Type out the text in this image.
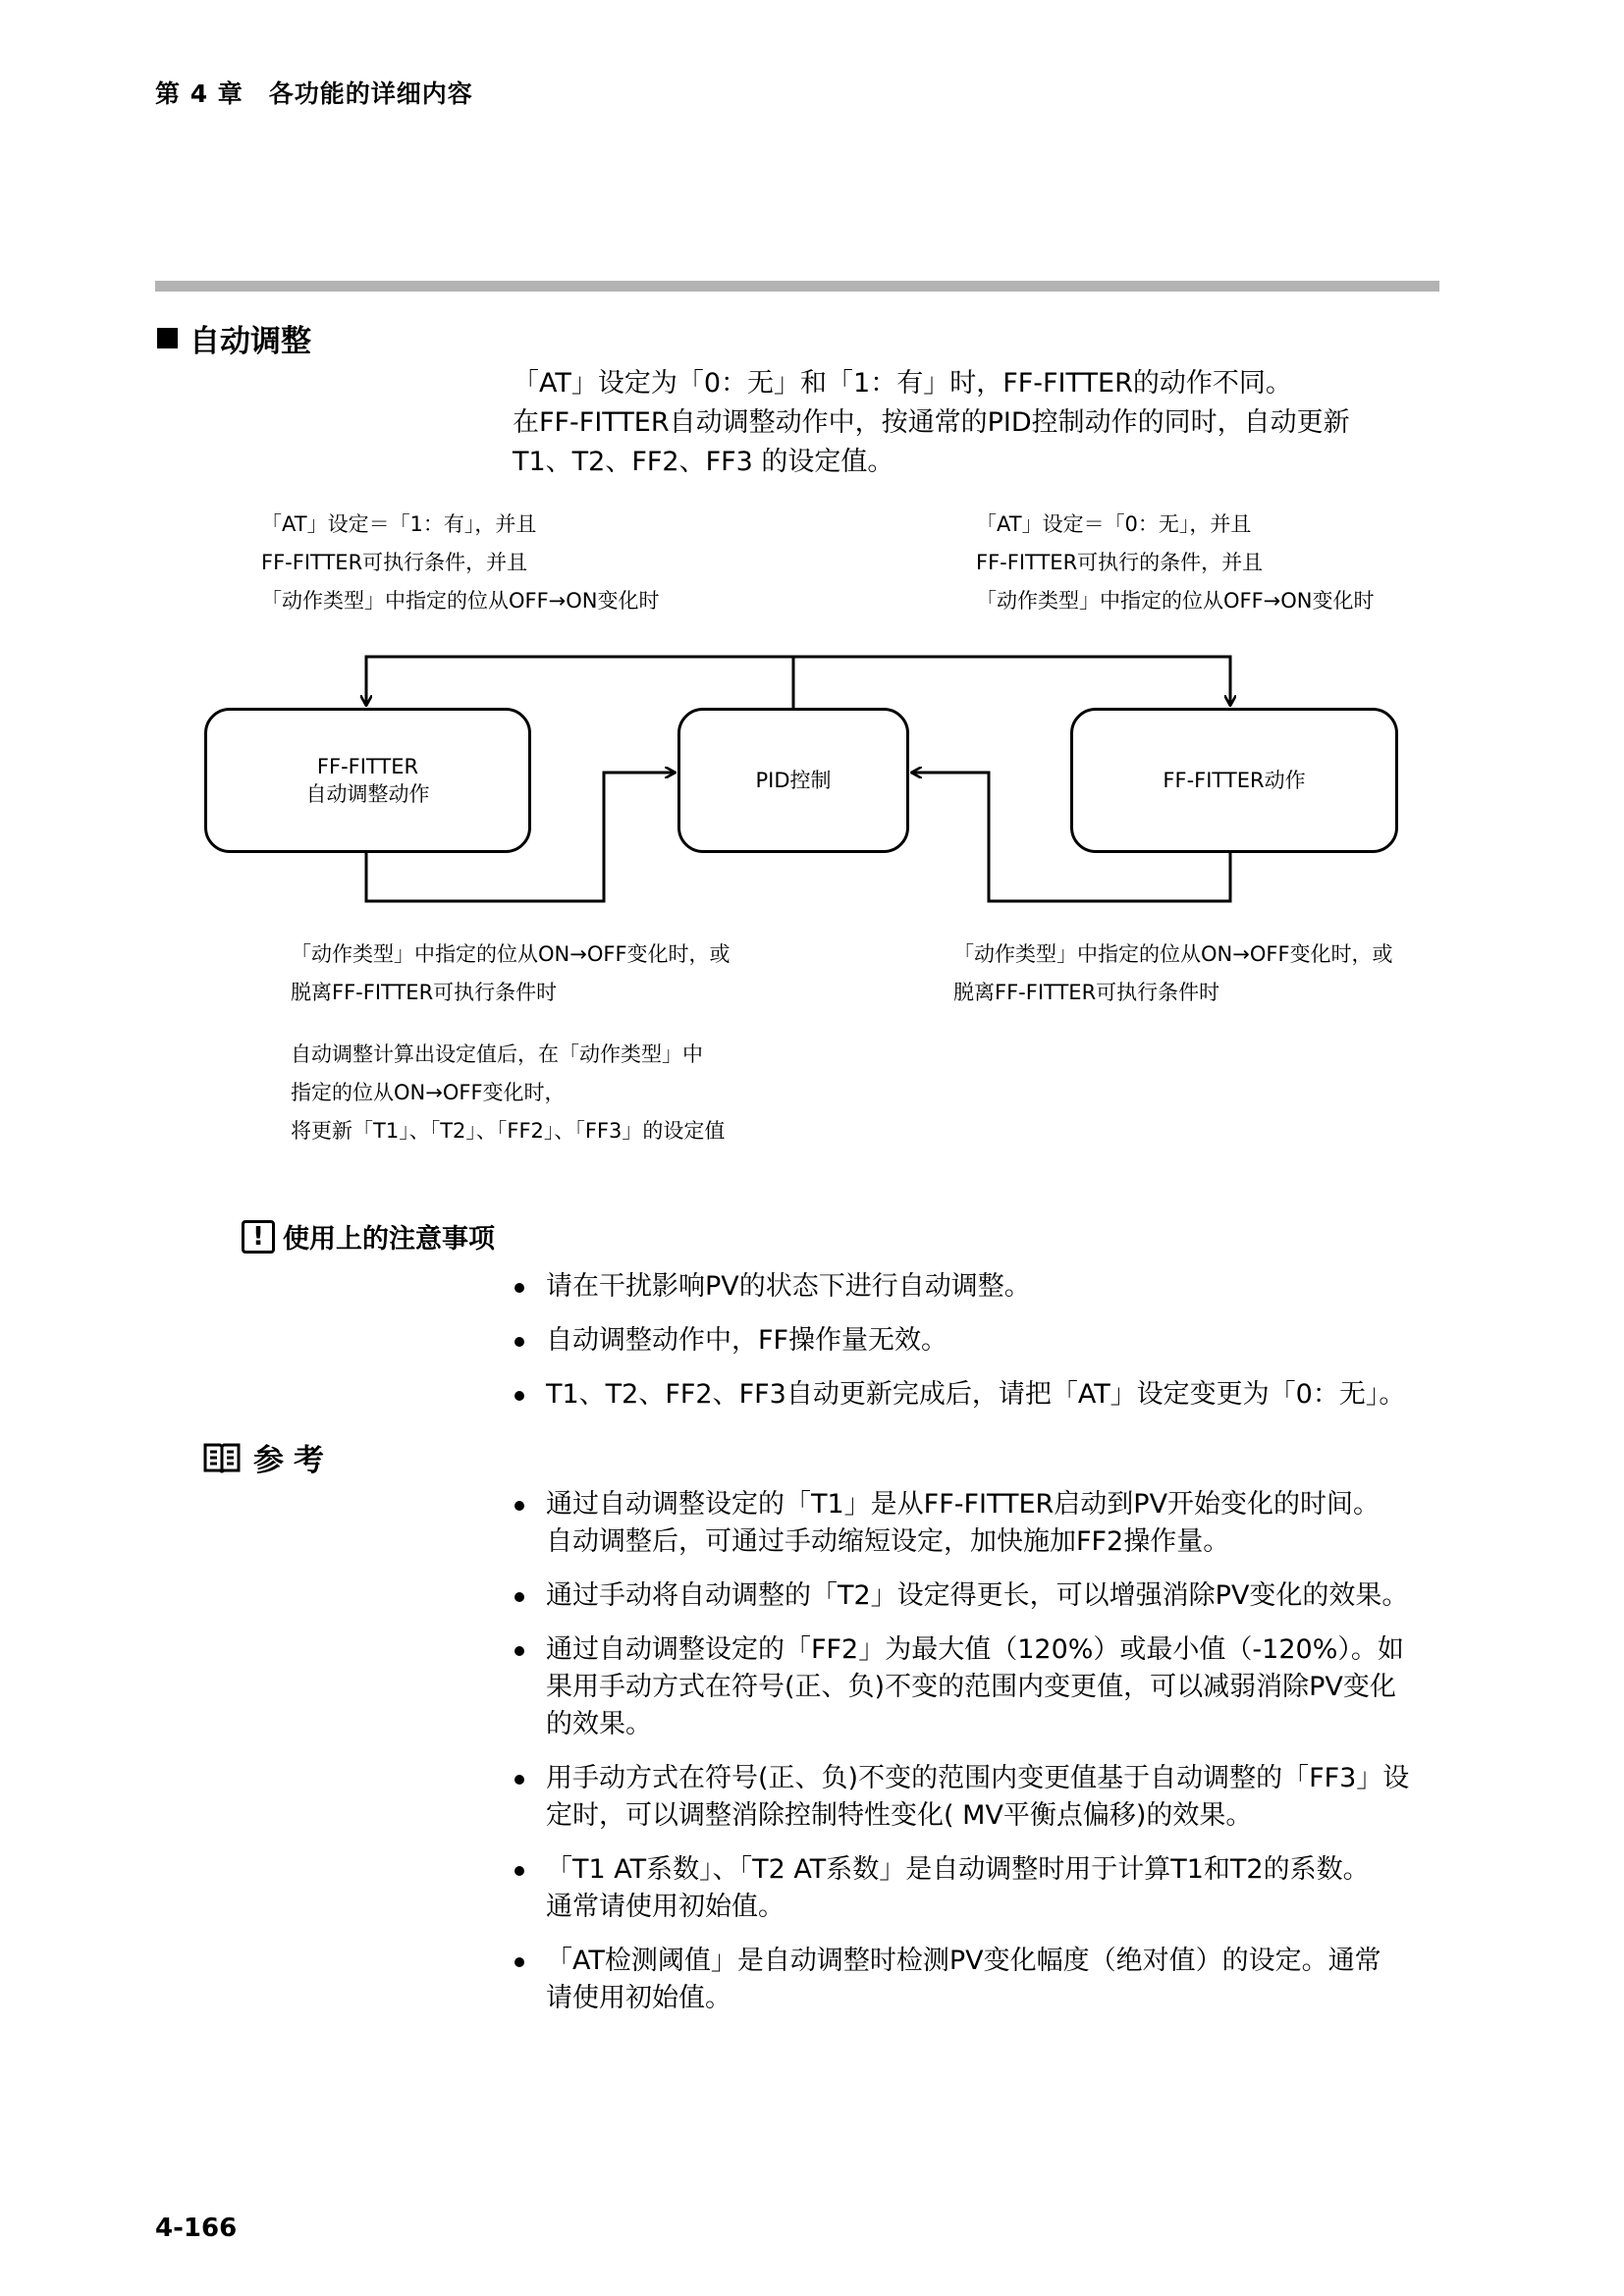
第 4 章　各功能的详细内容
自动调整
「AT」设定为「0：无」和「1：有」时，FF-FITTER的动作不同。
在FF-FITTER自动调整动作中，按通常的PID控制动作的同时，自动更新
T1、T2、FF2、FF3 的设定值。
「AT」设定＝「1：有」，并且
FF-FITTER可执行条件，并且
「动作类型」中指定的位从OFF→ON变化时
「AT」设定＝「0：无」，并且
FF-FITTER可执行的条件，并且
「动作类型」中指定的位从OFF→ON变化时
FF-FITTER
自动调整动作
PID控制	FF-FITTER动作
「动作类型」中指定的位从ON→OFF变化时，或
脱离FF-FITTER可执行条件时
「动作类型」中指定的位从ON→OFF变化时，或
脱离FF-FITTER可执行条件时
自动调整计算出设定值后，在「动作类型」中
指定的位从ON→OFF变化时，
将更新「T1」、「T2」、「FF2」、「FF3」的设定值
! 使用上的注意事项
请在干扰影响PV的状态下进行自动调整。
自动调整动作中，FF操作量无效。
T1、T2、FF2、FF3自动更新完成后，请把「AT」设定变更为「0：无」。
参考
通过自动调整设定的「T1」是从FF-FITTER启动到PV开始变化的时间。
自动调整后，可通过手动缩短设定，加快施加FF2操作量。
通过手动将自动调整的「T2」设定得更长，可以增强消除PV变化的效果。
通过自动调整设定的「FF2」为最大值（120%）或最小值（-120%）。如
果用手动方式在符号(正、负)不变的范围内变更值，可以减弱消除PV变化
的效果。
用手动方式在符号(正、负)不变的范围内变更值基于自动调整的「FF3」设
定时，可以调整消除控制特性变化( MV平衡点偏移)的效果。
「T1 AT系数」、「T2 AT系数」是自动调整时用于计算T1和T2的系数。
通常请使用初始值。
「AT检测阈值」是自动调整时检测PV变化幅度（绝对值）的设定。通常
请使用初始值。
4-166
